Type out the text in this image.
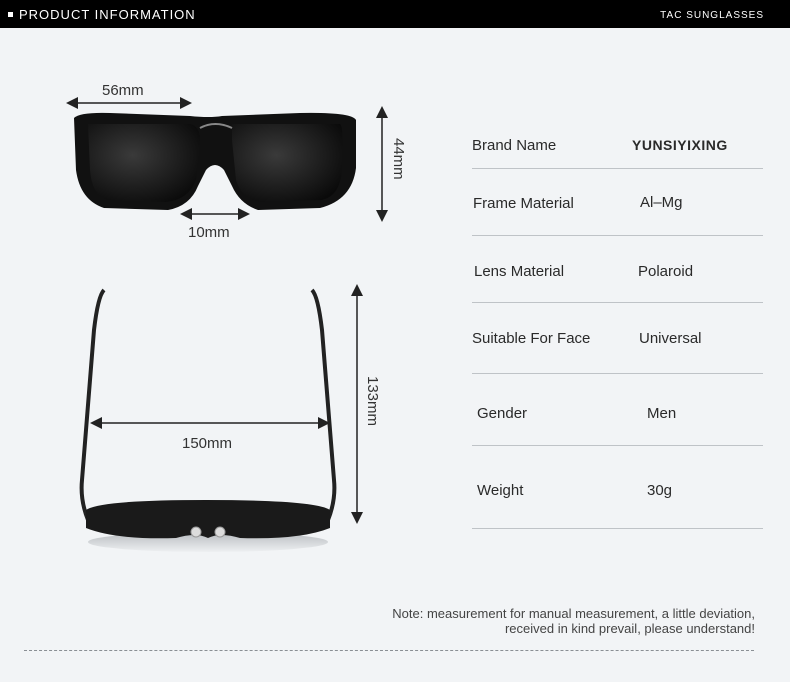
PRODUCT INFORMATION	TAC SUNGLASSES
56mm
10mm
44mm
150mm
133mm
Brand Name	YUNSIYIXING
Frame Material	Al–Mg
Lens Material	Polaroid
Suitable For Face	Universal
Gender	Men
Weight	30g
Note: measurement for manual measurement, a little deviation,
received in kind prevail, please understand!
